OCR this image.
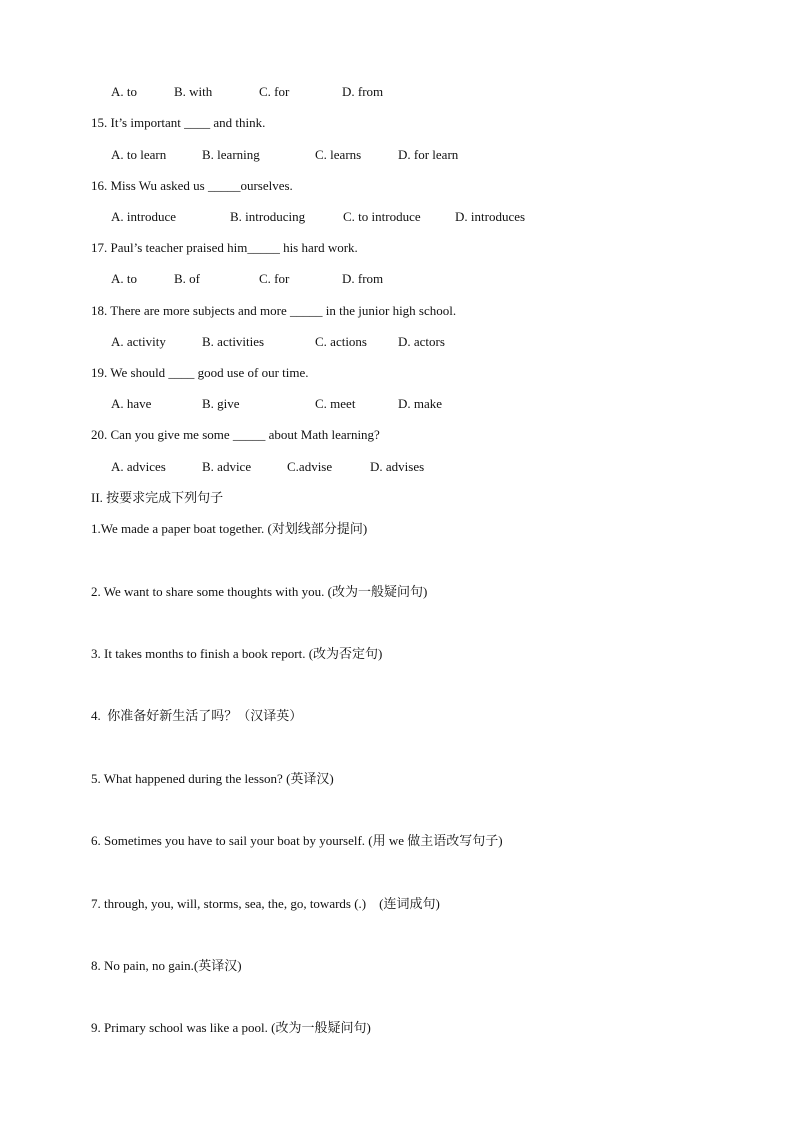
A. to	B. with	C. for	D. from
15. It’s important ____ and think.
A. to learn	B. learning	C. learns	D. for learn
16. Miss Wu asked us _____ourselves.
A. introduce	B. introducing	C. to introduce	D. introduces
17. Paul’s teacher praised him_____ his hard work.
A. to	B. of	C. for	D. from
18. There are more subjects and more _____ in the junior high school.
A. activity	B. activities	C. actions D. actors
19. We should ____ good use of our time.
A. have	B. give	C. meet	D. make
20. Can you give me some _____ about Math learning?
A. advices	B. advice	C.advise	D. advises
II. 按要求完成下列句子
1.We made a paper boat together. (对划线部分提问)
2. We want to share some thoughts with you. (改为一般疑问句)
3. It takes months to finish a book report. (改为否定句)
4.  你准备好新生活了吗？（汉译英）
5. What happened during the lesson? (英译汉)
6. Sometimes you have to sail your boat by yourself. (用 we 做主语改写句子)
7. through, you, will, storms, sea, the, go, towards (.)    (连词成句)
8. No pain, no gain.(英译汉)
9. Primary school was like a pool. (改为一般疑问句)
